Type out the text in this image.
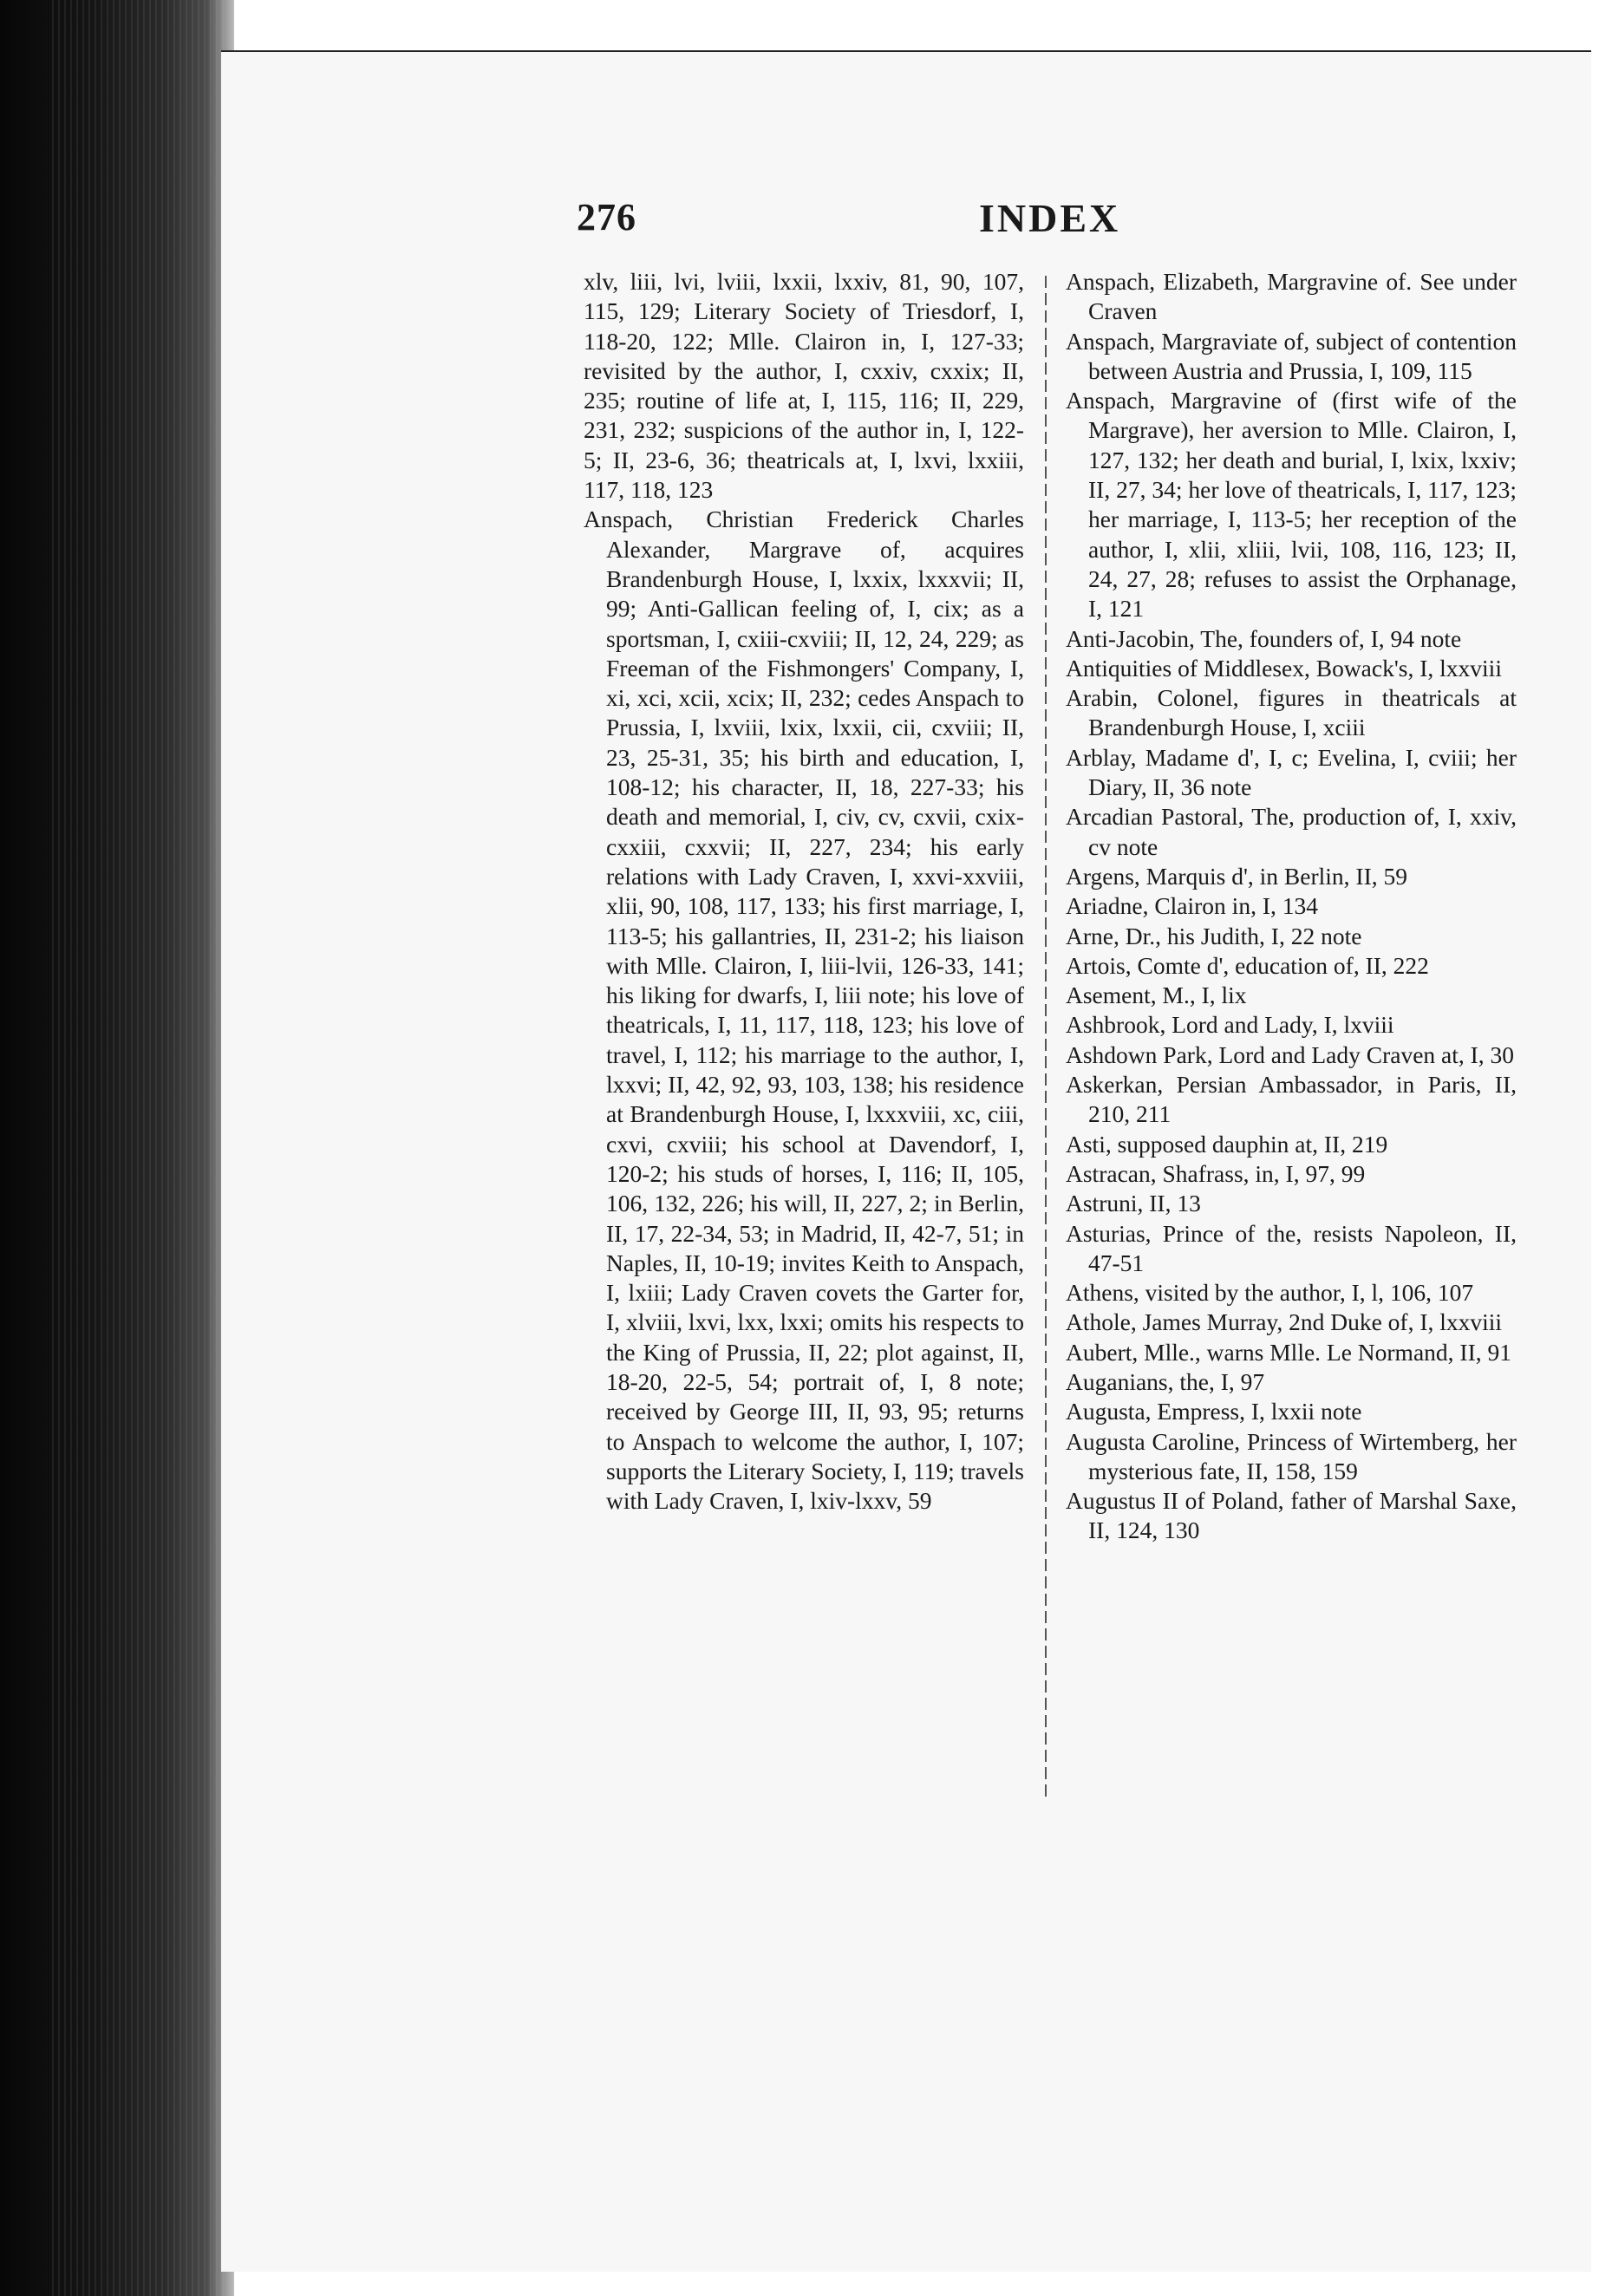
276	INDEX

xlv, liii, lvi, lviii, lxxii, lxxiv, 81, 90, 107, 115, 129; Literary Society of Triesdorf, I, 118-20, 122; Mlle. Clairon in, I, 127-33; revisited by the author, I, cxxiv, cxxix; II, 235; routine of life at, I, 115, 116; II, 229, 231, 232; suspicions of the author in, I, 122-5; II, 23-6, 36; theatricals at, I, lxvi, lxxiii, 117, 118, 123

Anspach, Christian Frederick Charles Alexander, Margrave of, acquires Brandenburgh House, I, lxxix, lxxxvii; II, 99; Anti-Gallican feeling of, I, cix; as a sportsman, I, cxiii-cxviii; II, 12, 24, 229; as Freeman of the Fishmongers' Company, I, xi, xci, xcii, xcix; II, 232; cedes Anspach to Prussia, I, lxviii, lxix, lxxii, cii, cxviii; II, 23, 25-31, 35; his birth and education, I, 108-12; his character, II, 18, 227-33; his death and memorial, I, civ, cv, cxvii, cxix-cxxiii, cxxvii; II, 227, 234; his early relations with Lady Craven, I, xxvi-xxviii, xlii, 90, 108, 117, 133; his first marriage, I, 113-5; his gallantries, II, 231-2; his liaison with Mlle. Clairon, I, liii-lvii, 126-33, 141; his liking for dwarfs, I, liii note; his love of theatricals, I, 11, 117, 118, 123; his love of travel, I, 112; his marriage to the author, I, lxxvi; II, 42, 92, 93, 103, 138; his residence at Brandenburgh House, I, lxxxviii, xc, ciii, cxvi, cxviii; his school at Davendorf, I, 120-2; his studs of horses, I, 116; II, 105, 106, 132, 226; his will, II, 227, 2; in Berlin, II, 17, 22-34, 53; in Madrid, II, 42-7, 51; in Naples, II, 10-19; invites Keith to Anspach, I, lxiii; Lady Craven covets the Garter for, I, xlviii, lxvi, lxx, lxxi; omits his respects to the King of Prussia, II, 22; plot against, II, 18-20, 22-5, 54; portrait of, I, 8 note; received by George III, II, 93, 95; returns to Anspach to welcome the author, I, 107; supports the Literary Society, I, 119; travels with Lady Craven, I, lxiv-lxxv, 59

Anspach, Elizabeth, Margravine of. See under Craven

Anspach, Margraviate of, subject of contention between Austria and Prussia, I, 109, 115

Anspach, Margravine of (first wife of the Margrave), her aversion to Mlle. Clairon, I, 127, 132; her death and burial, I, lxix, lxxiv; II, 27, 34; her love of theatricals, I, 117, 123; her marriage, I, 113-5; her reception of the author, I, xlii, xliii, lvii, 108, 116, 123; II, 24, 27, 28; refuses to assist the Orphanage, I, 121

Anti-Jacobin, The, founders of, I, 94 note

Antiquities of Middlesex, Bowack's, I, lxxviii

Arabin, Colonel, figures in theatricals at Brandenburgh House, I, xciii

Arblay, Madame d', I, c; Evelina, I, cviii; her Diary, II, 36 note

Arcadian Pastoral, The, production of, I, xxiv, cv note

Argens, Marquis d', in Berlin, II, 59

Ariadne, Clairon in, I, 134

Arne, Dr., his Judith, I, 22 note

Artois, Comte d', education of, II, 222

Asement, M., I, lix

Ashbrook, Lord and Lady, I, lxviii

Ashdown Park, Lord and Lady Craven at, I, 30

Askerkan, Persian Ambassador, in Paris, II, 210, 211

Asti, supposed dauphin at, II, 219

Astracan, Shafrass, in, I, 97, 99

Astruni, II, 13

Asturias, Prince of the, resists Napoleon, II, 47-51

Athens, visited by the author, I, l, 106, 107

Athole, James Murray, 2nd Duke of, I, lxxviii

Aubert, Mlle., warns Mlle. Le Normand, II, 91

Auganians, the, I, 97

Augusta, Empress, I, lxxii note

Augusta Caroline, Princess of Wirtemberg, her mysterious fate, II, 158, 159

Augustus II of Poland, father of Marshal Saxe, II, 124, 130
